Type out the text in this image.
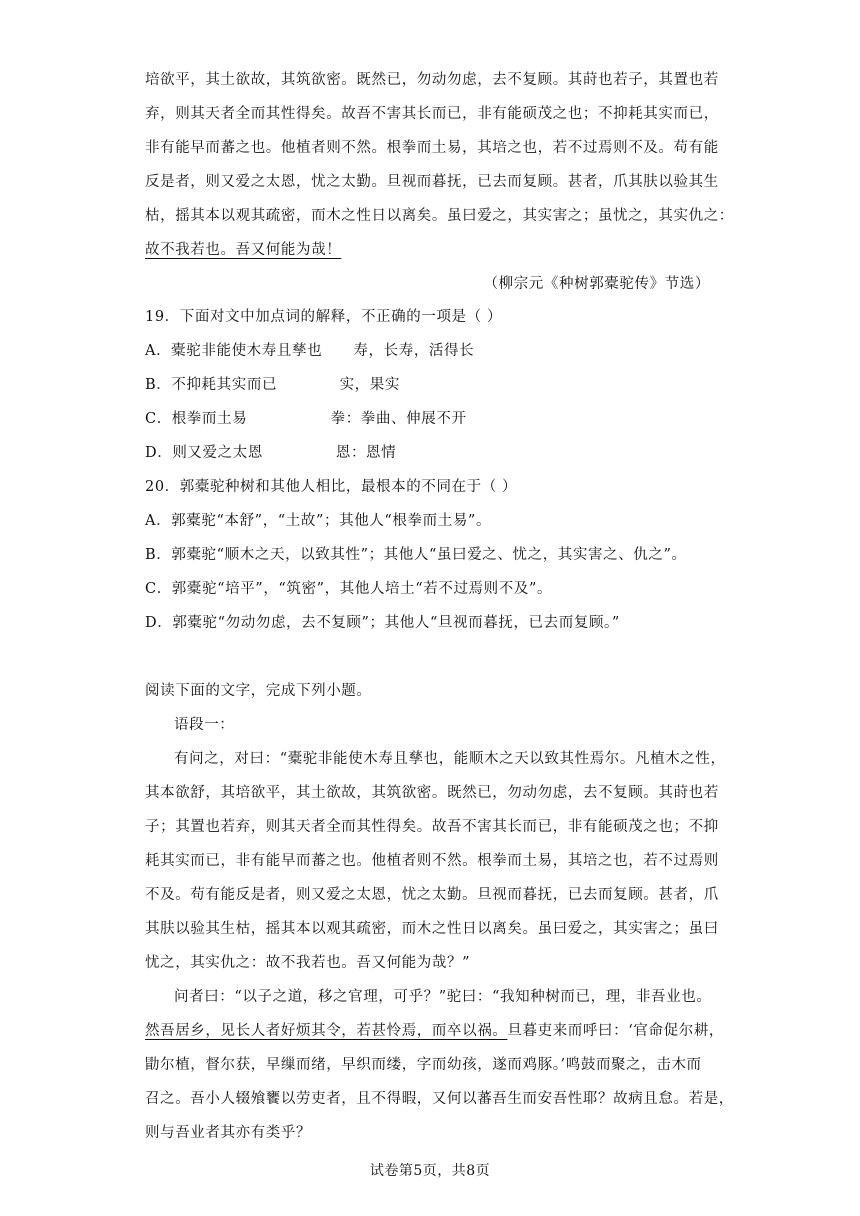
培欲平，其土欲故，其筑欲密。既然已，勿动勿虑，去不复顾。其莳也若子，其置也若
弃，则其天者全而其性得矣。故吾不害其长而已，非有能硕茂之也；不抑耗其实而已，
非有能早而蕃之也。他植者则不然。根拳而土易，其培之也，若不过焉则不及。苟有能
反是者，则又爱之太恩，忧之太勤。旦视而暮抚，已去而复顾。甚者，爪其肤以验其生
枯，摇其本以观其疏密，而木之性日以离矣。虽曰爱之，其实害之；虽忧之，其实仇之：
故不我若也。吾又何能为哉！
（柳宗元《种树郭橐驼传》节选）
19．下面对文中加点词的解释，不正确的一项是（ ）
A．橐驼非能使木寿且孳也      寿，长寿，活得长
B．不抑耗其实而已            实，果实
C．根拳而土易                拳：拳曲、伸展不开
D．则又爱之太恩              恩：恩情
20．郭橐驼种树和其他人相比，最根本的不同在于（ ）
A．郭橐驼“本舒”，“土故”；其他人“根拳而土易”。
B．郭橐驼“顺木之天，以致其性”；其他人“虽曰爱之、忧之，其实害之、仇之”。
C．郭橐驼“培平”，“筑密”，其他人培土“若不过焉则不及”。
D．郭橐驼“勿动勿虑，去不复顾”；其他人“旦视而暮抚，已去而复顾。”
阅读下面的文字，完成下列小题。
语段一：
有问之，对曰：“橐驼非能使木寿且孳也，能顺木之天以致其性焉尔。凡植木之性，
其本欲舒，其培欲平，其土欲故，其筑欲密。既然已，勿动勿虑，去不复顾。其莳也若
子；其置也若弃，则其天者全而其性得矣。故吾不害其长而已，非有能硕茂之也；不抑
耗其实而已，非有能早而蕃之也。他植者则不然。根拳而土易，其培之也，若不过焉则
不及。苟有能反是者，则又爱之太恩，忧之太勤。旦视而暮抚，已去而复顾。甚者，爪
其肤以验其生枯，摇其本以观其疏密，而木之性日以离矣。虽曰爱之，其实害之；虽曰
忧之，其实仇之：故不我若也。吾又何能为哉？”
问者曰：“以子之道，移之官理，可乎？”驼曰：“我知种树而已，理，非吾业也。
然吾居乡，见长人者好烦其令，若甚怜焉，而卒以祸。旦暮吏来而呼曰：‘官命促尔耕，
勖尔植，督尔获，早缫而绪，早织而缕，字而幼孩，遂而鸡豚。’鸣鼓而聚之，击木而
召之。吾小人辍飧饔以劳吏者，且不得暇，又何以蕃吾生而安吾性耶？故病且怠。若是，
则与吾业者其亦有类乎？
试卷第5页，共8页
